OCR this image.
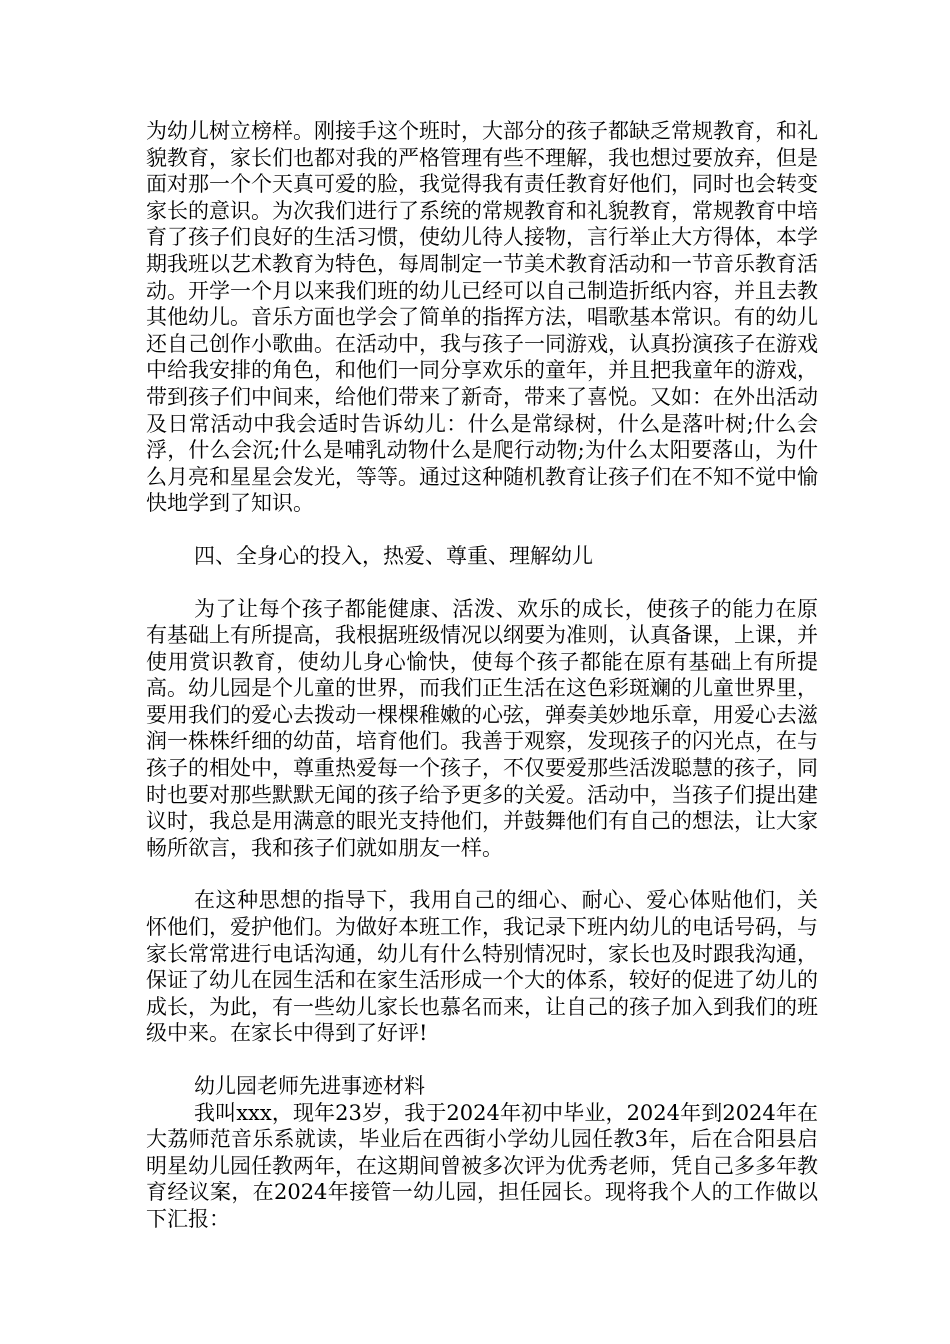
为幼儿树立榜样。刚接手这个班时，大部分的孩子都缺乏常规教育，和礼貌教育，家长们也都对我的严格管理有些不理解，我也想过要放弃，但是面对那一个个天真可爱的脸，我觉得我有责任教育好他们，同时也会转变家长的意识。为次我们进行了系统的常规教育和礼貌教育，常规教育中培育了孩子们良好的生活习惯，使幼儿待人接物，言行举止大方得体，本学期我班以艺术教育为特色，每周制定一节美术教育活动和一节音乐教育活动。开学一个月以来我们班的幼儿已经可以自己制造折纸内容，并且去教其他幼儿。音乐方面也学会了简单的指挥方法，唱歌基本常识。有的幼儿还自己创作小歌曲。在活动中，我与孩子一同游戏，认真扮演孩子在游戏中给我安排的角色，和他们一同分享欢乐的童年，并且把我童年的游戏，带到孩子们中间来，给他们带来了新奇，带来了喜悦。又如：在外出活动及日常活动中我会适时告诉幼儿：什么是常绿树，什么是落叶树;什么会浮，什么会沉;什么是哺乳动物什么是爬行动物;为什么太阳要落山，为什么月亮和星星会发光，等等。通过这种随机教育让孩子们在不知不觉中愉快地学到了知识。

四、全身心的投入，热爱、尊重、理解幼儿

为了让每个孩子都能健康、活泼、欢乐的成长，使孩子的能力在原有基础上有所提高，我根据班级情况以纲要为准则，认真备课，上课，并使用赏识教育，使幼儿身心愉快，使每个孩子都能在原有基础上有所提高。幼儿园是个儿童的世界，而我们正生活在这色彩斑斓的儿童世界里，要用我们的爱心去拨动一棵棵稚嫩的心弦，弹奏美妙地乐章，用爱心去滋润一株株纤细的幼苗，培育他们。我善于观察，发现孩子的闪光点，在与孩子的相处中，尊重热爱每一个孩子，不仅要爱那些活泼聪慧的孩子，同时也要对那些默默无闻的孩子给予更多的关爱。活动中，当孩子们提出建议时，我总是用满意的眼光支持他们，并鼓舞他们有自己的想法，让大家畅所欲言，我和孩子们就如朋友一样。

在这种思想的指导下，我用自己的细心、耐心、爱心体贴他们，关怀他们，爱护他们。为做好本班工作，我记录下班内幼儿的电话号码，与家长常常进行电话沟通，幼儿有什么特别情况时，家长也及时跟我沟通，保证了幼儿在园生活和在家生活形成一个大的体系，较好的促进了幼儿的成长，为此，有一些幼儿家长也慕名而来，让自己的孩子加入到我们的班级中来。在家长中得到了好评!

幼儿园老师先进事迹材料

我叫xxx，现年23岁，我于2024年初中毕业，2024年到2024年在大荔师范音乐系就读，毕业后在西街小学幼儿园任教3年，后在合阳县启明星幼儿园任教两年，在这期间曾被多次评为优秀老师，凭自己多多年教育经议案，在2024年接管一幼儿园，担任园长。现将我个人的工作做以下汇报：
